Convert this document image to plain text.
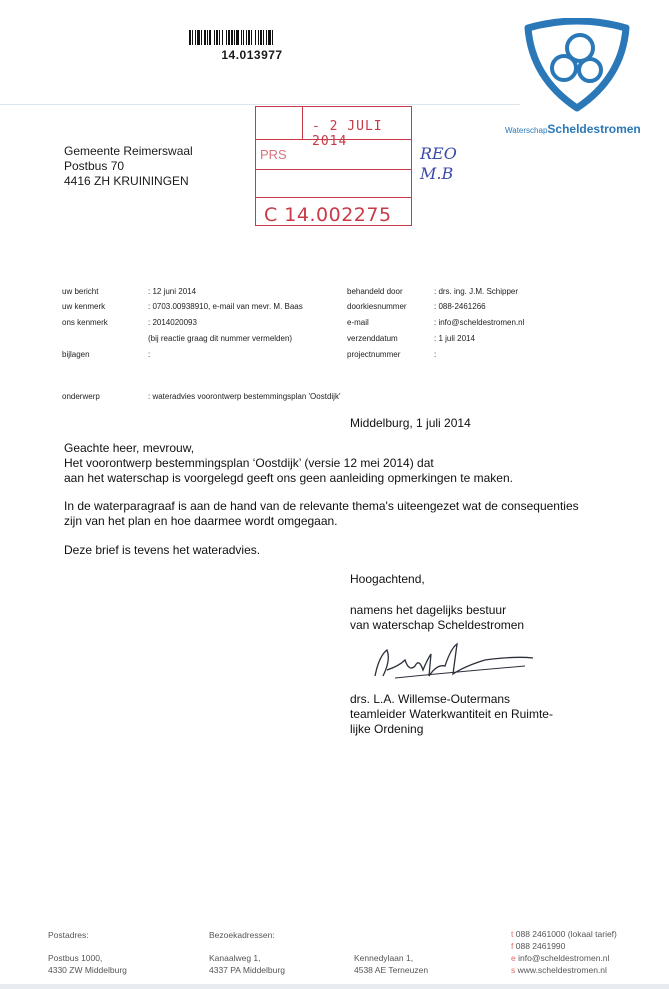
14.013977
WaterschapScheldestromen
Gemeente Reimerswaal
Postbus 70
4416 ZH KRUININGEN
- 2 JULI 2014
PRS
C 14.002275
REO
M.B
uw bericht	: 12 juni 2014
uw kenmerk	: 0703.00938910, e-mail van mevr. M. Baas
ons kenmerk	: 2014020093
(bij reactie graag dit nummer vermelden)
bijlagen	:
behandeld door	: drs. ing. J.M. Schipper
doorkiesnummer	: 088-2461266
e-mail	: info@scheldestromen.nl
verzenddatum	: 1 juli 2014
projectnummer	:
onderwerp	: wateradvies voorontwerp bestemmingsplan 'Oostdijk'
Middelburg, 1 juli 2014
Geachte heer, mevrouw,
Het voorontwerp bestemmingsplan ‘Oostdijk’ (versie 12 mei 2014) dat
aan het waterschap is voorgelegd geeft ons geen aanleiding opmerkingen te maken.
In de waterparagraaf is aan de hand van de relevante thema's uiteengezet wat de consequenties
zijn van het plan en hoe daarmee wordt omgegaan.
Deze brief is tevens het wateradvies.
Hoogachtend,
namens het dagelijks bestuur
van waterschap Scheldestromen
drs. L.A. Willemse-Outermans
teamleider Waterkwantiteit en Ruimte-
lijke Ordening
Postadres:
Postbus 1000,
4330 ZW Middelburg
Bezoekadressen:
Kanaalweg 1,
4337 PA Middelburg
Kennedylaan 1,
4538 AE Terneuzen
t 088 2461000 (lokaal tarief)
f 088 2461990
e info@scheldestromen.nl
s www.scheldestromen.nl
